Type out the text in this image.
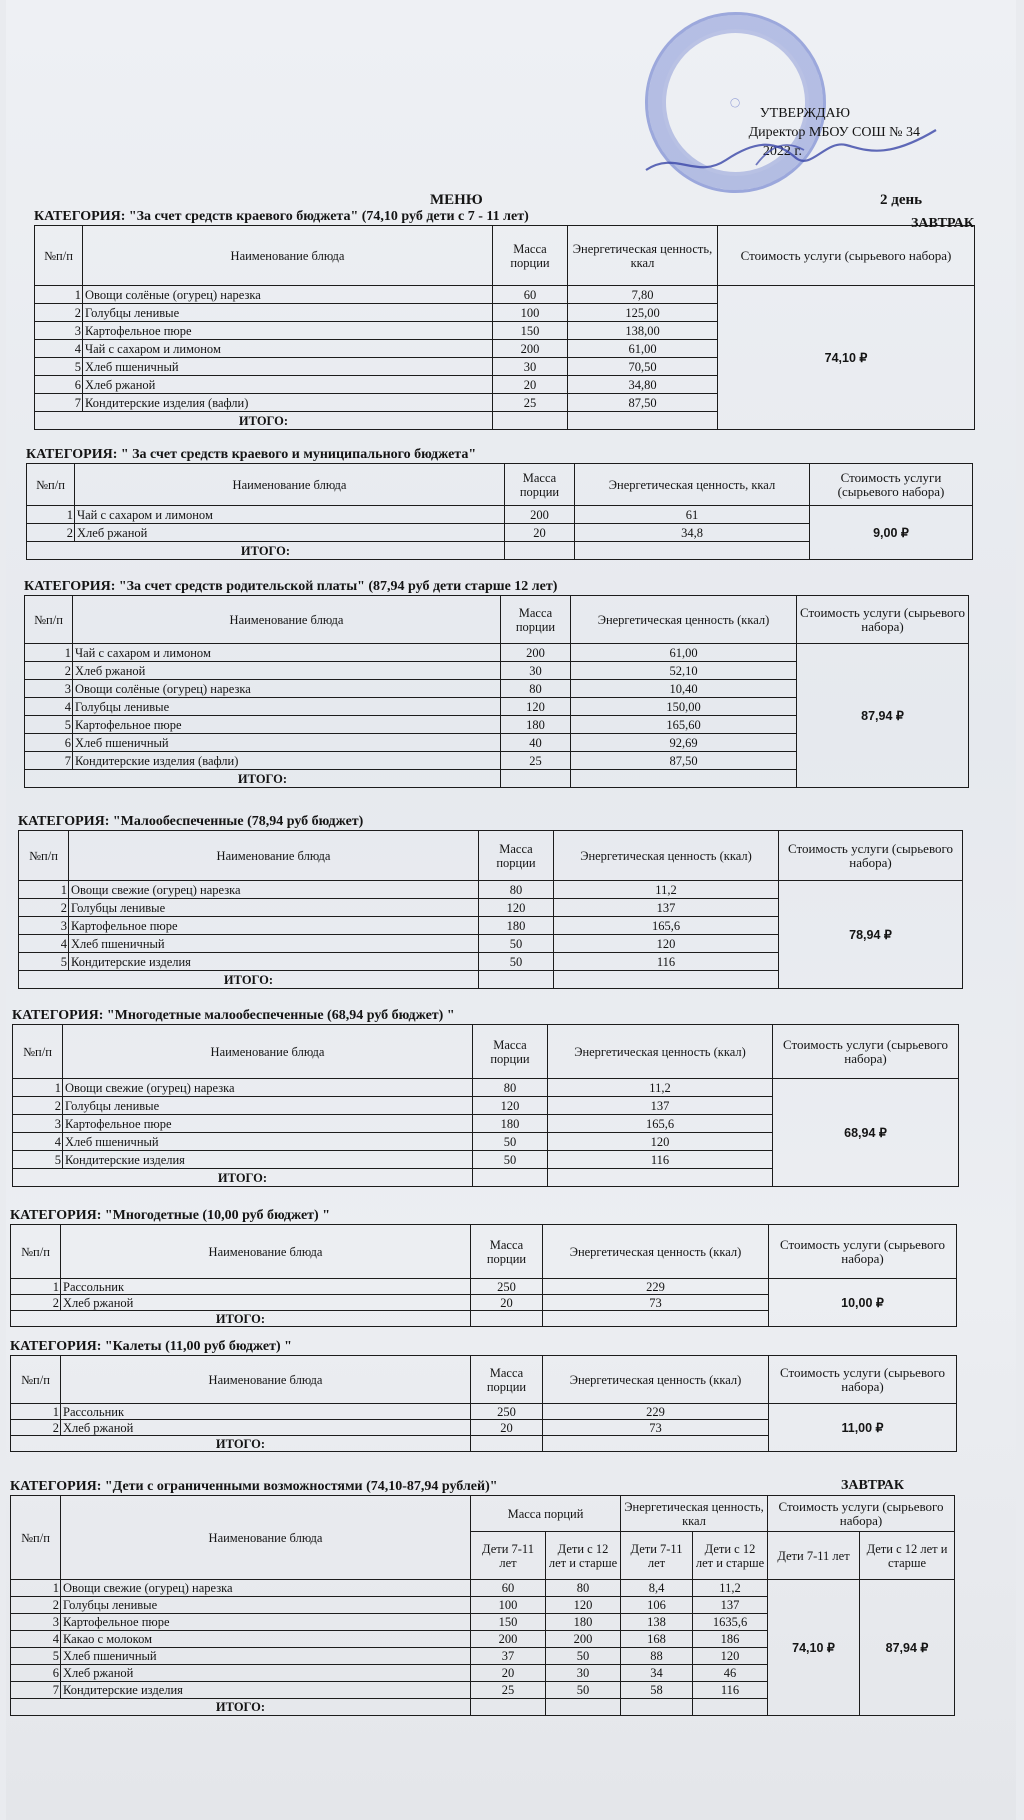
◯
УТВЕРЖДАЮ
Директор МБОУ СОШ № 34
2022 г.
МЕНЮ	2 день
КАТЕГОРИЯ: "За счет средств краевого бюджета" (74,10 руб дети с 7 - 11 лет)	ЗАВТРАК
№п/п	Наименование блюда	Масса порции	Энергетическая ценность, ккал	Стоимость услуги (сырьевого набора)
1	Овощи солёные (огурец) нарезка	60	7,80	74,10 ₽
2	Голубцы ленивые	100	125,00	
3	Картофельное пюре	150	138,00	
4	Чай с сахаром и лимоном	200	61,00	
5	Хлеб пшеничный	30	70,50	
6	Хлеб ржаной	20	34,80	
7	Кондитерские изделия (вафли)	25	87,50	
ИТОГО:				
КАТЕГОРИЯ: " За счет средств краевого и муниципального бюджета"
№п/п	Наименование блюда	Масса порции	Энергетическая ценность, ккал	Стоимость услуги (сырьевого набора)
1	Чай с сахаром и лимоном	200	61	9,00 ₽
2	Хлеб ржаной	20	34,8	
ИТОГО:				
КАТЕГОРИЯ: "За счет средств родительской платы" (87,94 руб дети старше 12 лет)
№п/п	Наименование блюда	Масса порции	Энергетическая ценность (ккал)	Стоимость услуги (сырьевого набора)
1	Чай с сахаром и лимоном	200	61,00	87,94 ₽
2	Хлеб ржаной	30	52,10	
3	Овощи солёные (огурец) нарезка	80	10,40	
4	Голубцы ленивые	120	150,00	
5	Картофельное пюре	180	165,60	
6	Хлеб пшеничный	40	92,69	
7	Кондитерские изделия (вафли)	25	87,50	
ИТОГО:				
КАТЕГОРИЯ: "Малообеспеченные (78,94 руб бюджет)
№п/п	Наименование блюда	Масса порции	Энергетическая ценность (ккал)	Стоимость услуги (сырьевого набора)
1	Овощи свежие (огурец) нарезка	80	11,2	78,94 ₽
2	Голубцы ленивые	120	137	
3	Картофельное пюре	180	165,6	
4	Хлеб пшеничный	50	120	
5	Кондитерские изделия	50	116	
ИТОГО:				
КАТЕГОРИЯ: "Многодетные малообеспеченные (68,94 руб бюджет) "
№п/п	Наименование блюда	Масса порции	Энергетическая ценность (ккал)	Стоимость услуги (сырьевого набора)
1	Овощи свежие (огурец) нарезка	80	11,2	68,94 ₽
2	Голубцы ленивые	120	137	
3	Картофельное пюре	180	165,6	
4	Хлеб пшеничный	50	120	
5	Кондитерские изделия	50	116	
ИТОГО:				
КАТЕГОРИЯ: "Многодетные (10,00 руб бюджет) "
№п/п	Наименование блюда	Масса порции	Энергетическая ценность (ккал)	Стоимость услуги (сырьевого набора)
1	Рассольник	250	229	10,00 ₽
2	Хлеб ржаной	20	73	
ИТОГО:				
КАТЕГОРИЯ: "Калеты (11,00 руб бюджет) "
№п/п	Наименование блюда	Масса порции	Энергетическая ценность (ккал)	Стоимость услуги (сырьевого набора)
1	Рассольник	250	229	11,00 ₽
2	Хлеб ржаной	20	73	
ИТОГО:				
КАТЕГОРИЯ: "Дети с ограниченными возможностями (74,10-87,94 рублей)"	ЗАВТРАК
№п/п	Наименование блюда	Масса порций		Энергетическая ценность, ккал		Стоимость услуги (сырьевого набора)	
		Дети 7-11 лет	Дети с 12 лет и старше	Дети 7-11 лет	Дети с 12 лет и старше	Дети 7-11 лет	Дети с 12 лет и старше
1	Овощи свежие (огурец) нарезка	60	80	8,4	11,2	74,10 ₽	87,94 ₽
2	Голубцы ленивые	100	120	106	137		
3	Картофельное пюре	150	180	138	1635,6		
4	Какао с молоком	200	200	168	186		
5	Хлеб пшеничный	37	50	88	120		
6	Хлеб ржаной	20	30	34	46		
7	Кондитерские изделия	25	50	58	116		
ИТОГО:							
